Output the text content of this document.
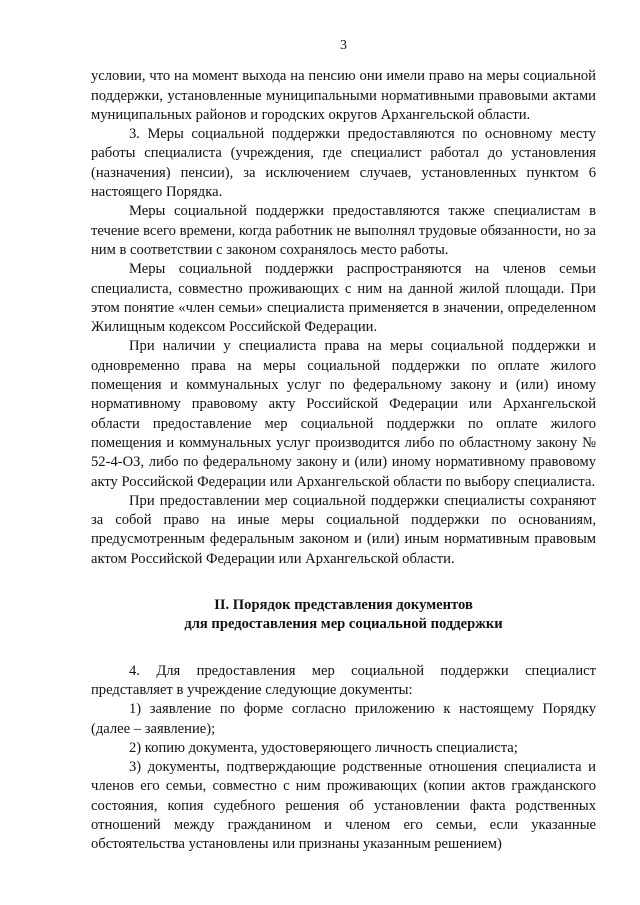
3

условии, что на момент выхода на пенсию они имели право на меры социальной поддержки, установленные муниципальными нормативными правовыми актами муниципальных районов и городских округов Архангельской области.

3. Меры социальной поддержки предоставляются по основному месту работы специалиста (учреждения, где специалист работал до установления (назначения) пенсии), за исключением случаев, установленных пунктом 6 настоящего Порядка.

Меры социальной поддержки предоставляются также специалистам в течение всего времени, когда работник не выполнял трудовые обязанности, но за ним в соответствии с законом сохранялось место работы.

Меры социальной поддержки распространяются на членов семьи специалиста, совместно проживающих с ним на данной жилой площади. При этом понятие «член семьи» специалиста применяется в значении, определенном Жилищным кодексом Российской Федерации.

При наличии у специалиста права на меры социальной поддержки и одновременно права на меры социальной поддержки по оплате жилого помещения и коммунальных услуг по федеральному закону и (или) иному нормативному правовому акту Российской Федерации или Архангельской области предоставление мер социальной поддержки по оплате жилого помещения и коммунальных услуг производится либо по областному закону № 52-4-ОЗ, либо по федеральному закону и (или) иному нормативному правовому акту Российской Федерации или Архангельской области по выбору специалиста.

При предоставлении мер социальной поддержки специалисты сохраняют за собой право на иные меры социальной поддержки по основаниям, предусмотренным федеральным законом и (или) иным нормативным правовым актом Российской Федерации или Архангельской области.

II. Порядок представления документов
для предоставления мер социальной поддержки

4. Для предоставления мер социальной поддержки специалист представляет в учреждение следующие документы:

1) заявление по форме согласно приложению к настоящему Порядку (далее – заявление);

2) копию документа, удостоверяющего личность специалиста;

3) документы, подтверждающие родственные отношения специалиста и членов его семьи, совместно с ним проживающих (копии актов гражданского состояния, копия судебного решения об установлении факта родственных отношений между гражданином и членом его семьи, если указанные обстоятельства установлены или признаны указанным решением)
